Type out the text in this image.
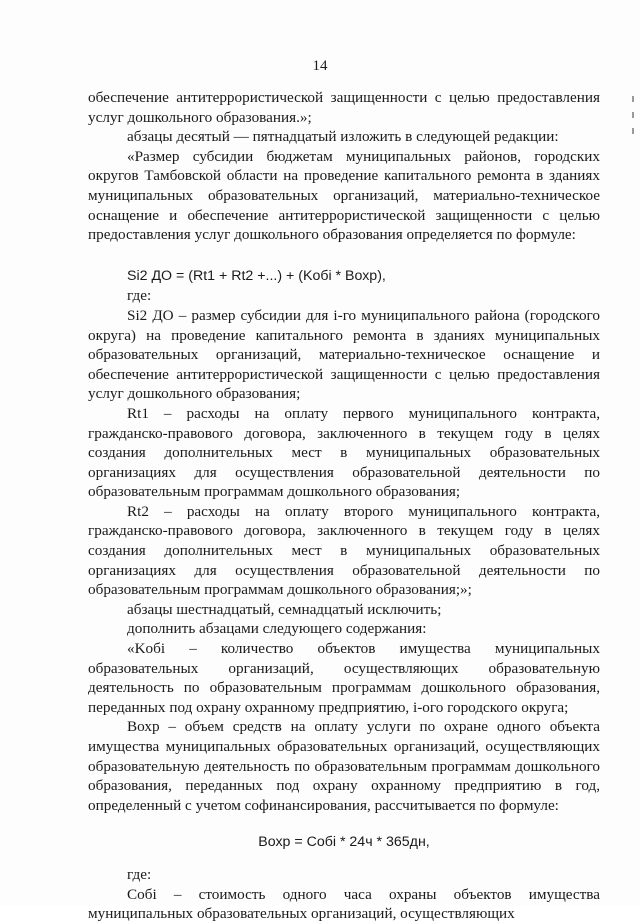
14

обеспечение антитеррористической защищенности с целью предоставления услуг дошкольного образования.»;

абзацы десятый — пятнадцатый изложить в следующей редакции:

«Размер субсидии бюджетам муниципальных районов, городских округов Тамбовской области на проведение капитального ремонта в зданиях муниципальных образовательных организаций, материально-техническое оснащение и обеспечение антитеррористической защищенности с целью предоставления услуг дошкольного образования определяется по формуле:

Si2 ДО = (Rt1 + Rt2 +...) + (Kобi * Bохр),

где:

Si2 ДО – размер субсидии для i-го муниципального района (городского округа) на проведение капитального ремонта в зданиях муниципальных образовательных организаций, материально-техническое оснащение и обеспечение антитеррористической защищенности с целью предоставления услуг дошкольного образования;

Rt1 – расходы на оплату первого муниципального контракта, гражданско-правового договора, заключенного в текущем году в целях создания дополнительных мест в муниципальных образовательных организациях для осуществления образовательной деятельности по образовательным программам дошкольного образования;

Rt2 – расходы на оплату второго муниципального контракта, гражданско-правового договора, заключенного в текущем году в целях создания дополнительных мест в муниципальных образовательных организациях для осуществления образовательной деятельности по образовательным программам дошкольного образования;»;

абзацы шестнадцатый, семнадцатый исключить;

дополнить абзацами следующего содержания:

«Kобi – количество объектов имущества муниципальных образовательных организаций, осуществляющих образовательную деятельность по образовательным программам дошкольного образования, переданных под охрану охранному предприятию, i-ого городского округа;

Bохр – объем средств на оплату услуги по охране одного объекта имущества муниципальных образовательных организаций, осуществляющих образовательную деятельность по образовательным программам дошкольного образования, переданных под охрану охранному предприятию в год, определенный с учетом софинансирования, рассчитывается по формуле:

Bохр = Cобi * 24ч * 365дн,

где:

Cобi – стоимость одного часа охраны объектов имущества муниципальных образовательных организаций, осуществляющих
